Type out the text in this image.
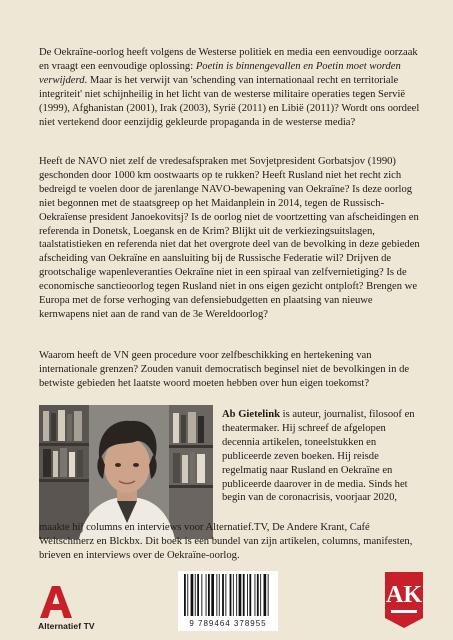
De Oekraïne-oorlog heeft volgens de Westerse politiek en media een eenvoudige oorzaak en vraagt een eenvoudige oplossing: Poetin is binnengevallen en Poetin moet worden verwijderd. Maar is het verwijt van 'schending van internationaal recht en territoriale integriteit' niet schijnheilig in het licht van de westerse militaire operaties tegen Servië (1999), Afghanistan (2001), Irak (2003), Syrië (2011) en Libië (2011)? Wordt ons oordeel niet vertekend door eenzijdig gekleurde propaganda in de westerse media?

Heeft de NAVO niet zelf de vredesafspraken met Sovjetpresident Gorbatsjov (1990) geschonden door 1000 km oostwaarts op te rukken? Heeft Rusland niet het recht zich bedreigd te voelen door de jarenlange NAVO-bewapening van Oekraïne? Is deze oorlog niet begonnen met de staatsgreep op het Maidanplein in 2014, tegen de Russisch-Oekraïense president Janoekovitsj? Is de oorlog niet de voortzetting van afscheidingen en referenda in Donetsk, Loegansk en de Krim? Blijkt uit de verkiezingsuitslagen, taalstatistieken en referenda niet dat het overgrote deel van de bevolking in deze gebieden afscheiding van Oekraïne en aansluiting bij de Russische Federatie wil? Drijven de grootschalige wapenleveranties Oekraïne niet in een spiraal van zelfvernietiging? Is de economische sanctieoorlog tegen Rusland niet in ons eigen gezicht ontploft? Brengen we Europa met de forse verhoging van defensiebudgetten en plaatsing van nieuwe kernwapens niet aan de rand van de 3e Wereldoorlog?

Waarom heeft de VN geen procedure voor zelfbeschikking en hertekening van internationale grenzen? Zouden vanuit democratisch beginsel niet de bevolkingen in de betwiste gebieden het laatste woord moeten hebben over hun eigen toekomst?

Ab Gietelink is auteur, journalist, filosoof en theatermaker. Hij schreef de afgelopen decennia artikelen, toneelstukken en publiceerde zeven boeken. Hij reisde regelmatig naar Rusland en Oekraïne en publiceerde daarover in de media. Sinds het begin van de coronacrisis, voorjaar 2020,

maakte hij columns en interviews voor Alternatief.TV, De Andere Krant, Café Weltschmerz en Blckbx. Dit boek is een bundel van zijn artikelen, columns, manifesten, brieven en interviews over de Oekraïne-oorlog.

Alternatief TV	9 789464 378955
AK
